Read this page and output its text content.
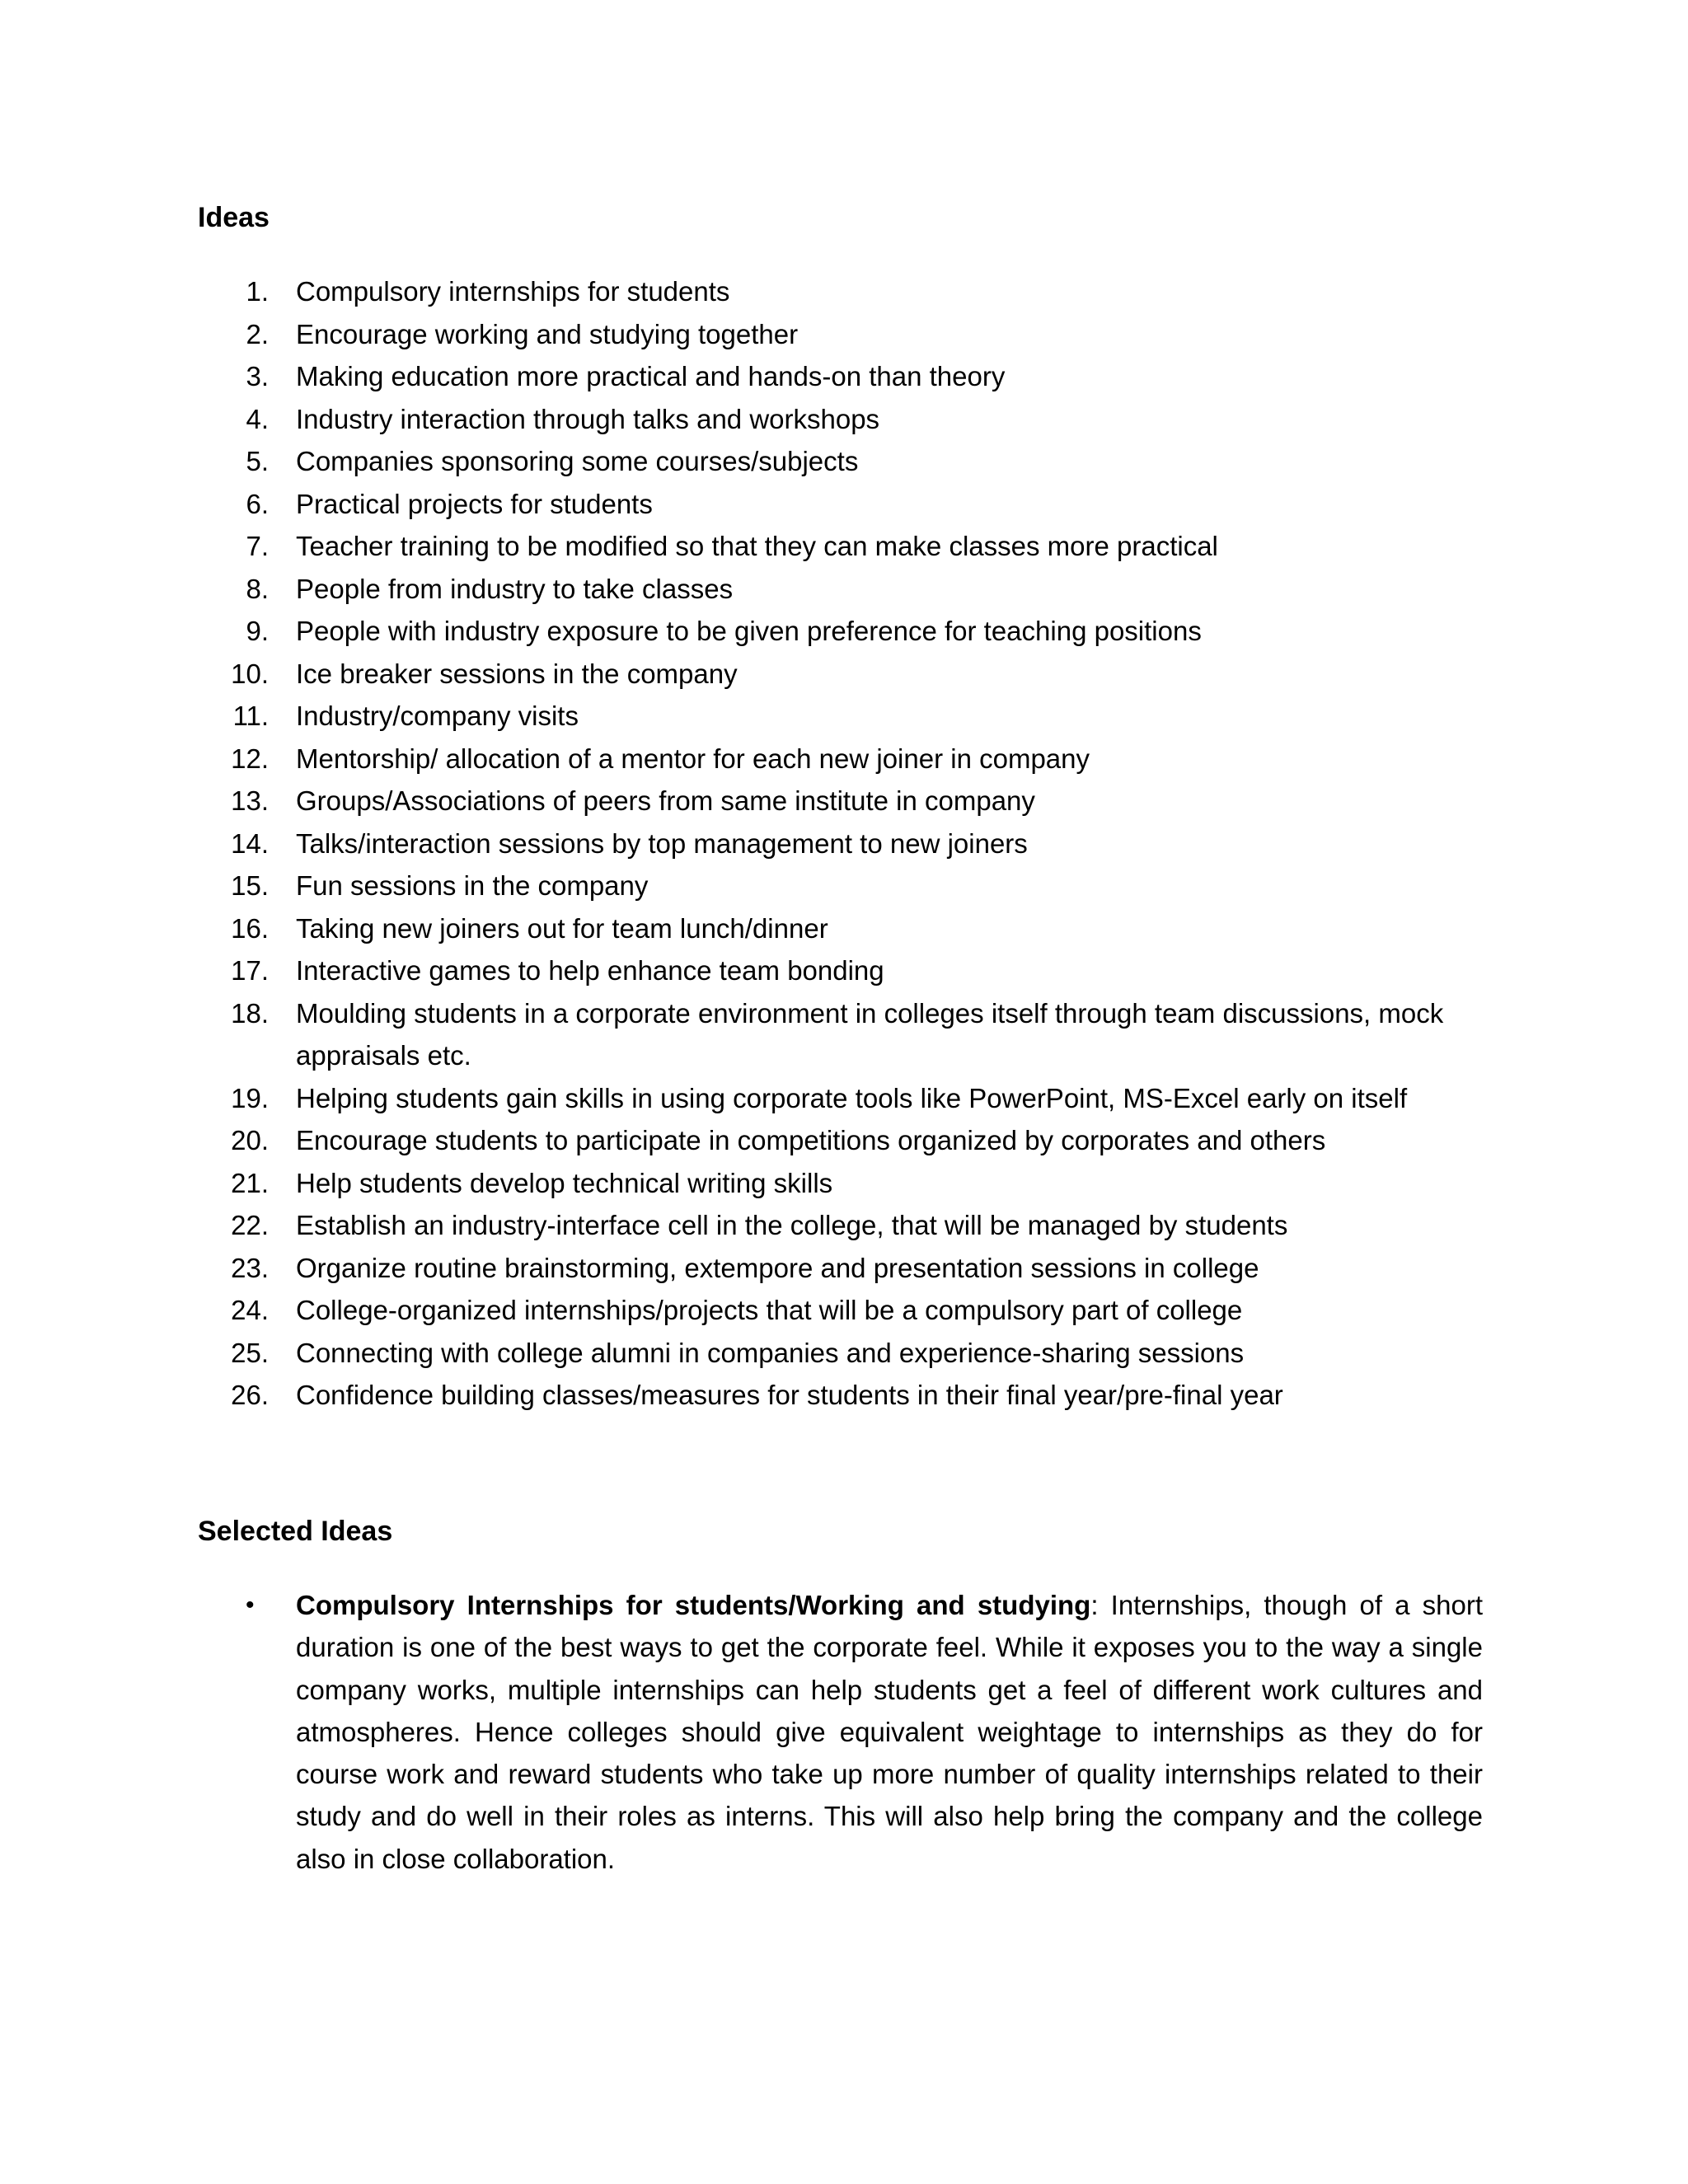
Ideas
1. Compulsory internships for students
2. Encourage working and studying together
3. Making education more practical and hands-on than theory
4. Industry interaction through talks and workshops
5. Companies sponsoring some courses/subjects
6. Practical projects for students
7. Teacher training to be modified so that they can make classes more practical
8. People from industry to take classes
9. People with industry exposure to be given preference for teaching positions
10. Ice breaker sessions in the company
11. Industry/company visits
12. Mentorship/ allocation of a mentor for each new joiner in company
13. Groups/Associations of peers from same institute in company
14. Talks/interaction sessions by top management to new joiners
15. Fun sessions in the company
16. Taking new joiners out for team lunch/dinner
17. Interactive games to help enhance team bonding
18. Moulding students in a corporate environment in colleges itself through team discussions, mock appraisals etc.
19. Helping students gain skills in using corporate tools like PowerPoint, MS-Excel early on itself
20. Encourage students to participate in competitions organized by corporates and others
21. Help students develop technical writing skills
22. Establish an industry-interface cell in the college, that will be managed by students
23. Organize routine brainstorming, extempore and presentation sessions in college
24. College-organized internships/projects that will be a compulsory part of college
25. Connecting with college alumni in companies and experience-sharing sessions
26. Confidence building classes/measures for students in their final year/pre-final year
Selected Ideas
• Compulsory Internships for students/Working and studying: Internships, though of a short duration is one of the best ways to get the corporate feel. While it exposes you to the way a single company works, multiple internships can help students get a feel of different work cultures and atmospheres. Hence colleges should give equivalent weightage to internships as they do for course work and reward students who take up more number of quality internships related to their study and do well in their roles as interns. This will also help bring the company and the college also in close collaboration.
